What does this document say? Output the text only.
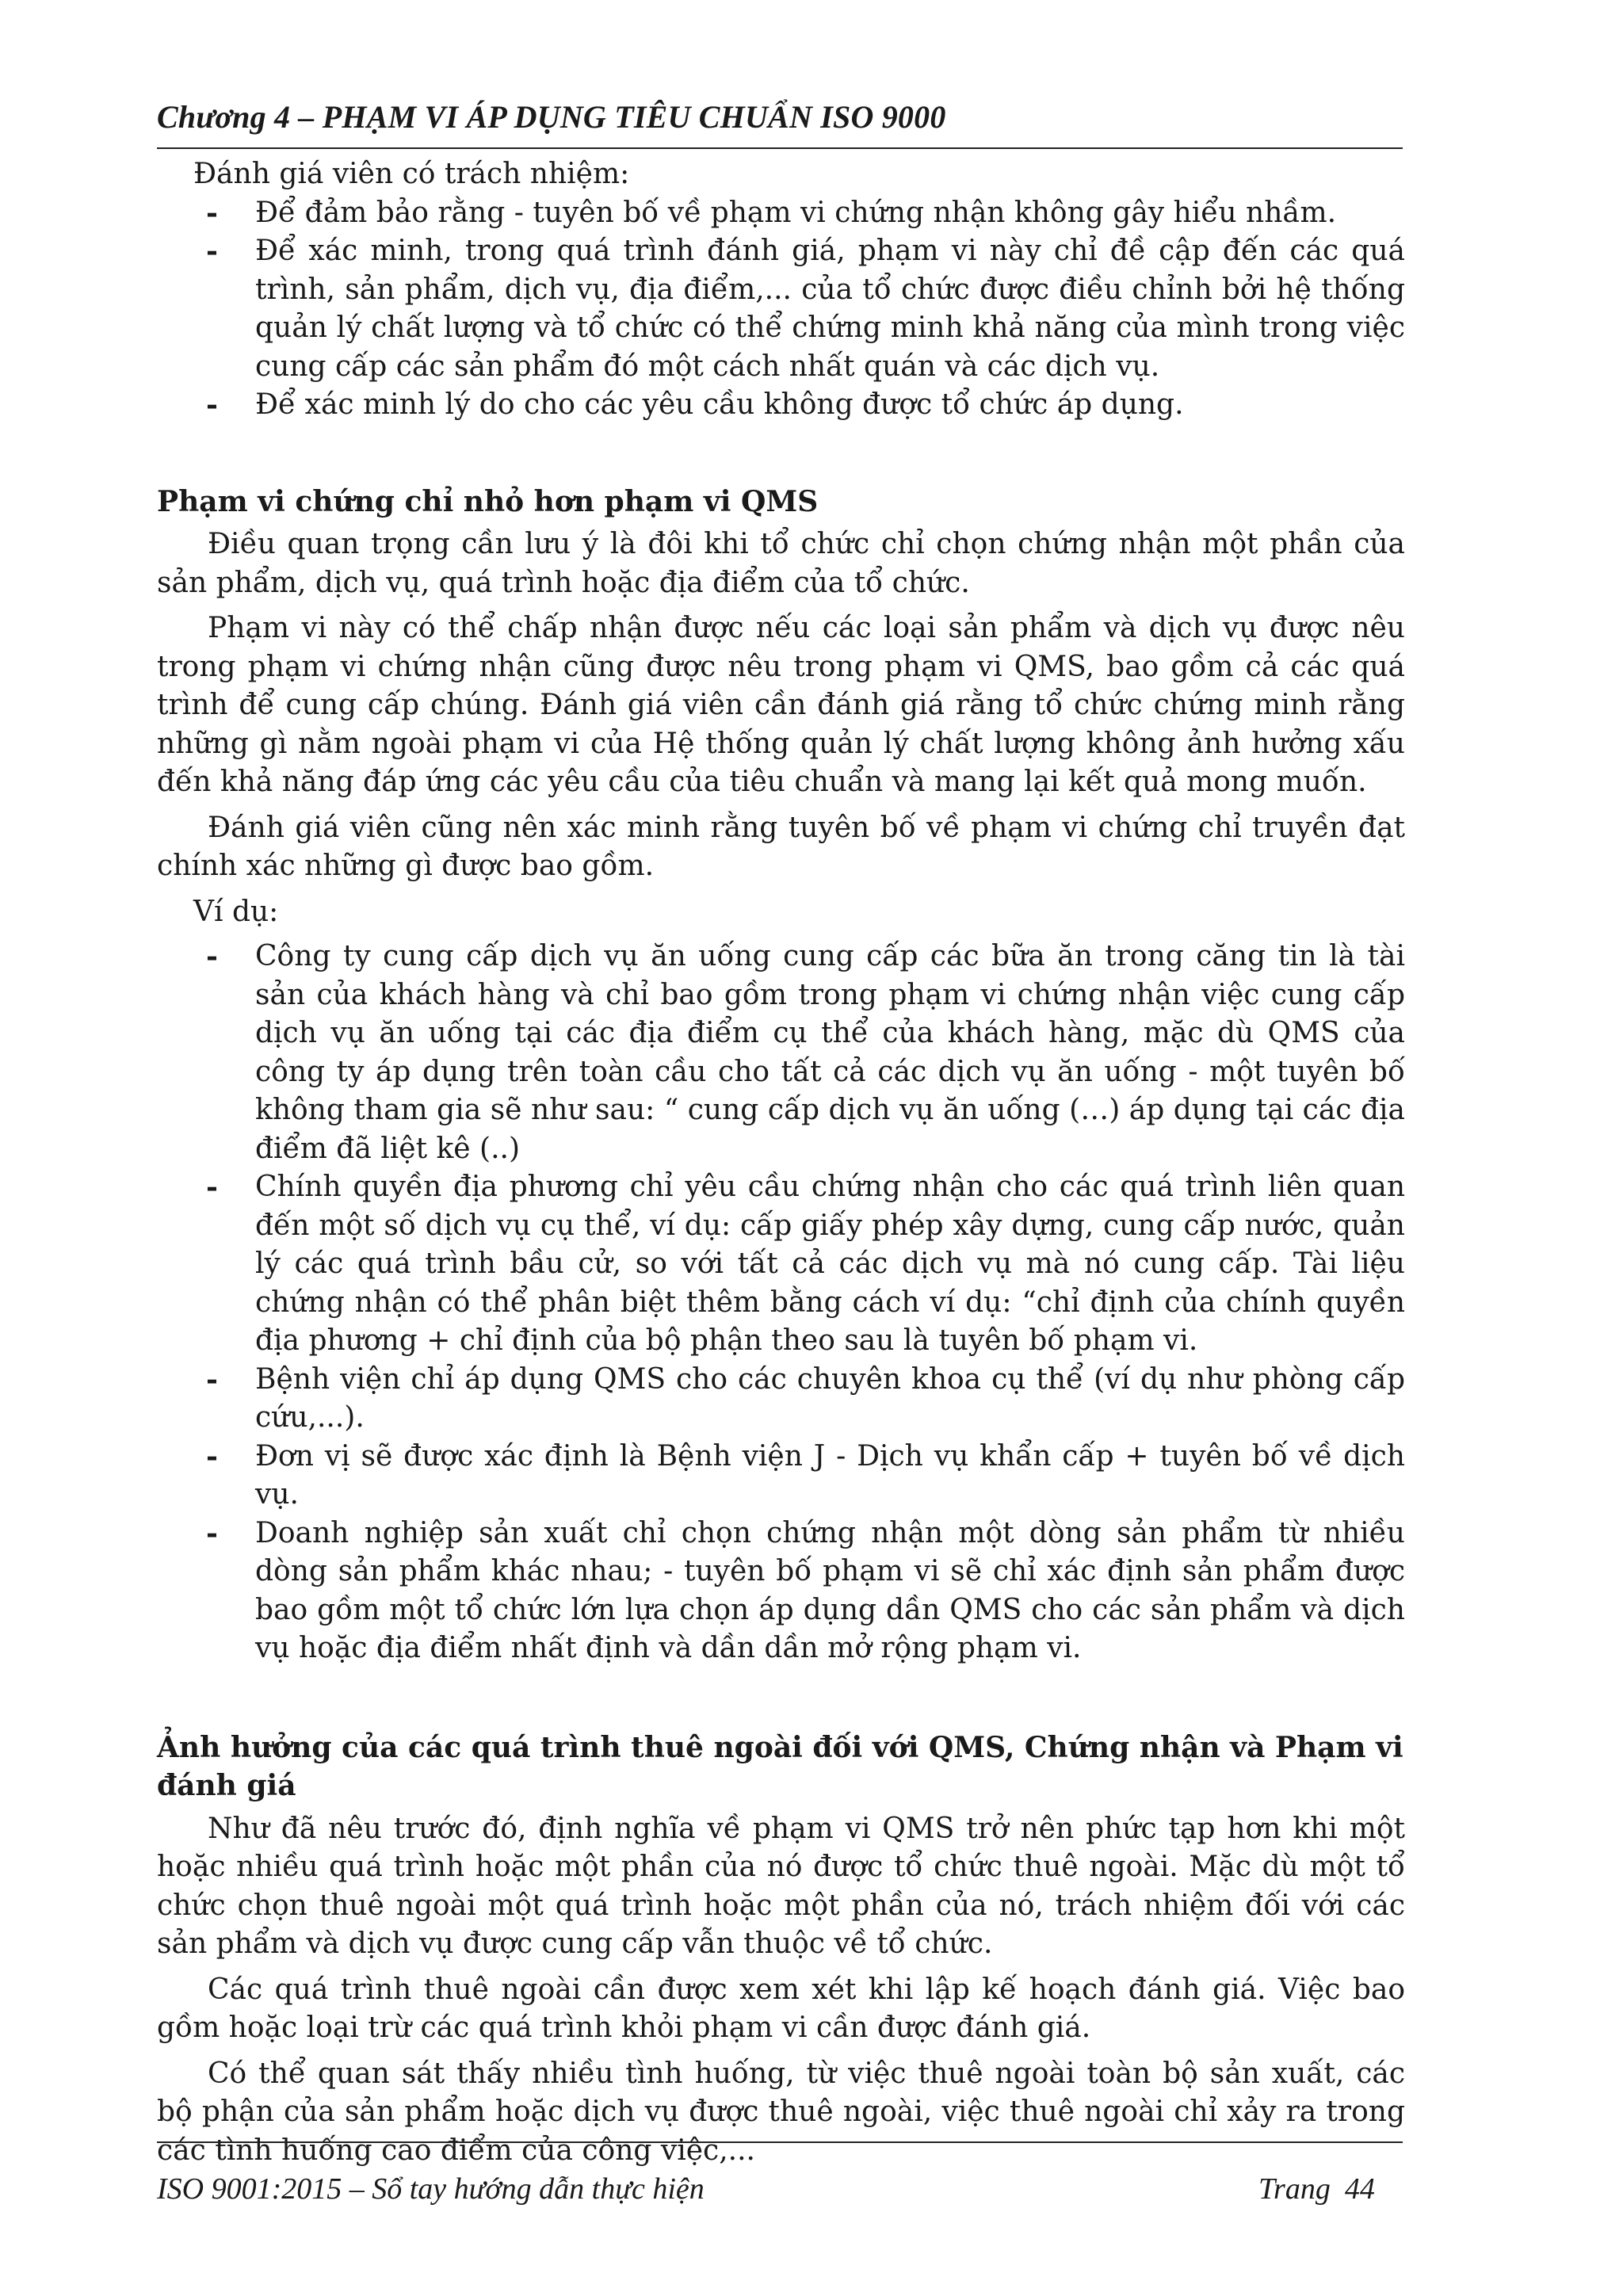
Chương 4 – PHẠM VI ÁP DỤNG TIÊU CHUẨN ISO 9000

Đánh giá viên có trách nhiệm:

- Để đảm bảo rằng - tuyên bố về phạm vi chứng nhận không gây hiểu nhầm.
- Để xác minh, trong quá trình đánh giá, phạm vi này chỉ đề cập đến các quá trình, sản phẩm, dịch vụ, địa điểm,... của tổ chức được điều chỉnh bởi hệ thống quản lý chất lượng và tổ chức có thể chứng minh khả năng của mình trong việc cung cấp các sản phẩm đó một cách nhất quán và các dịch vụ.
- Để xác minh lý do cho các yêu cầu không được tổ chức áp dụng.

Phạm vi chứng chỉ nhỏ hơn phạm vi QMS

Điều quan trọng cần lưu ý là đôi khi tổ chức chỉ chọn chứng nhận một phần của sản phẩm, dịch vụ, quá trình hoặc địa điểm của tổ chức.

Phạm vi này có thể chấp nhận được nếu các loại sản phẩm và dịch vụ được nêu trong phạm vi chứng nhận cũng được nêu trong phạm vi QMS, bao gồm cả các quá trình để cung cấp chúng. Đánh giá viên cần đánh giá rằng tổ chức chứng minh rằng những gì nằm ngoài phạm vi của Hệ thống quản lý chất lượng không ảnh hưởng xấu đến khả năng đáp ứng các yêu cầu của tiêu chuẩn và mang lại kết quả mong muốn.

Đánh giá viên cũng nên xác minh rằng tuyên bố về phạm vi chứng chỉ truyền đạt chính xác những gì được bao gồm.

Ví dụ:

- Công ty cung cấp dịch vụ ăn uống cung cấp các bữa ăn trong căng tin là tài sản của khách hàng và chỉ bao gồm trong phạm vi chứng nhận việc cung cấp dịch vụ ăn uống tại các địa điểm cụ thể của khách hàng, mặc dù QMS của công ty áp dụng trên toàn cầu cho tất cả các dịch vụ ăn uống - một tuyên bố không tham gia sẽ như sau: “ cung cấp dịch vụ ăn uống (…) áp dụng tại các địa điểm đã liệt kê (..)
- Chính quyền địa phương chỉ yêu cầu chứng nhận cho các quá trình liên quan đến một số dịch vụ cụ thể, ví dụ: cấp giấy phép xây dựng, cung cấp nước, quản lý các quá trình bầu cử, so với tất cả các dịch vụ mà nó cung cấp. Tài liệu chứng nhận có thể phân biệt thêm bằng cách ví dụ: “chỉ định của chính quyền địa phương + chỉ định của bộ phận theo sau là tuyên bố phạm vi.
- Bệnh viện chỉ áp dụng QMS cho các chuyên khoa cụ thể (ví dụ như phòng cấp cứu,...).
- Đơn vị sẽ được xác định là Bệnh viện J - Dịch vụ khẩn cấp + tuyên bố về dịch vụ.
- Doanh nghiệp sản xuất chỉ chọn chứng nhận một dòng sản phẩm từ nhiều dòng sản phẩm khác nhau; - tuyên bố phạm vi sẽ chỉ xác định sản phẩm được bao gồm một tổ chức lớn lựa chọn áp dụng dần QMS cho các sản phẩm và dịch vụ hoặc địa điểm nhất định và dần dần mở rộng phạm vi.

Ảnh hưởng của các quá trình thuê ngoài đối với QMS, Chứng nhận và Phạm vi đánh giá

Như đã nêu trước đó, định nghĩa về phạm vi QMS trở nên phức tạp hơn khi một hoặc nhiều quá trình hoặc một phần của nó được tổ chức thuê ngoài. Mặc dù một tổ chức chọn thuê ngoài một quá trình hoặc một phần của nó, trách nhiệm đối với các sản phẩm và dịch vụ được cung cấp vẫn thuộc về tổ chức.

Các quá trình thuê ngoài cần được xem xét khi lập kế hoạch đánh giá. Việc bao gồm hoặc loại trừ các quá trình khỏi phạm vi cần được đánh giá.

Có thể quan sát thấy nhiều tình huống, từ việc thuê ngoài toàn bộ sản xuất, các bộ phận của sản phẩm hoặc dịch vụ được thuê ngoài, việc thuê ngoài chỉ xảy ra trong các tình huống cao điểm của công việc,...

ISO 9001:2015 – Sổ tay hướng dẫn thực hiện	Trang 44
